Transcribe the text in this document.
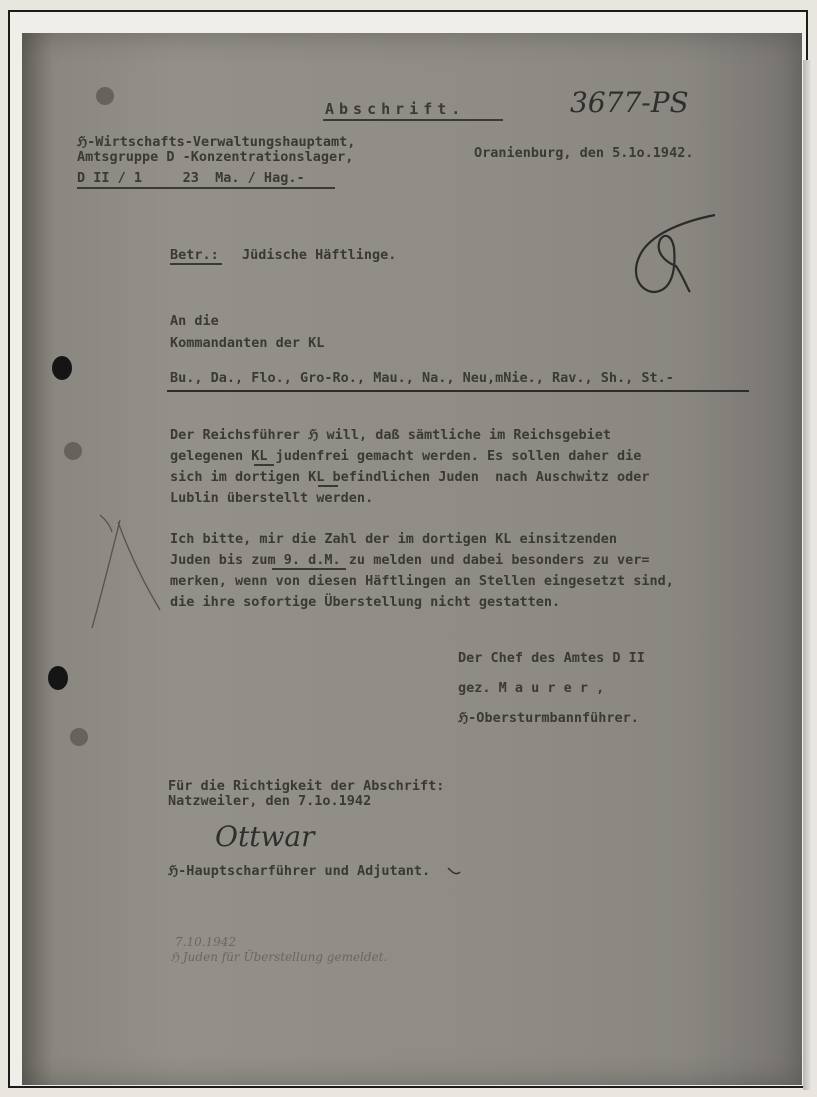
Abschrift.	3677-PS
ℌ-Wirtschafts-Verwaltungshauptamt,
Amtsgruppe D -Konzentrationslager,	Oranienburg, den 5.1o.1942.
D II / 1     23  Ma. / Hag.-
Betr.: Jüdische Häftlinge.
An die
Kommandanten der KL
Bu., Da., Flo., Gro-Ro., Mau., Na., Neu,mNie., Rav., Sh., St.-
Der Reichsführer ℌ will, daß sämtliche im Reichsgebiet
gelegenen KL judenfrei gemacht werden. Es sollen daher die
sich im dortigen KL befindlichen Juden  nach Auschwitz oder
Lublin überstellt werden.
Ich bitte, mir die Zahl der im dortigen KL einsitzenden
Juden bis zum 9. d.M. zu melden und dabei besonders zu ver=
merken, wenn von diesen Häftlingen an Stellen eingesetzt sind,
die ihre sofortige Überstellung nicht gestatten.
Der Chef des Amtes D II
gez. M a u r e r ,
ℌ-Obersturmbannführer.
Für die Richtigkeit der Abschrift:
Natzweiler, den 7.1o.1942
Ottwar
ℌ-Hauptscharführer und Adjutant.
7.10.1942
ℌ Juden für Überstellung gemeldet.
